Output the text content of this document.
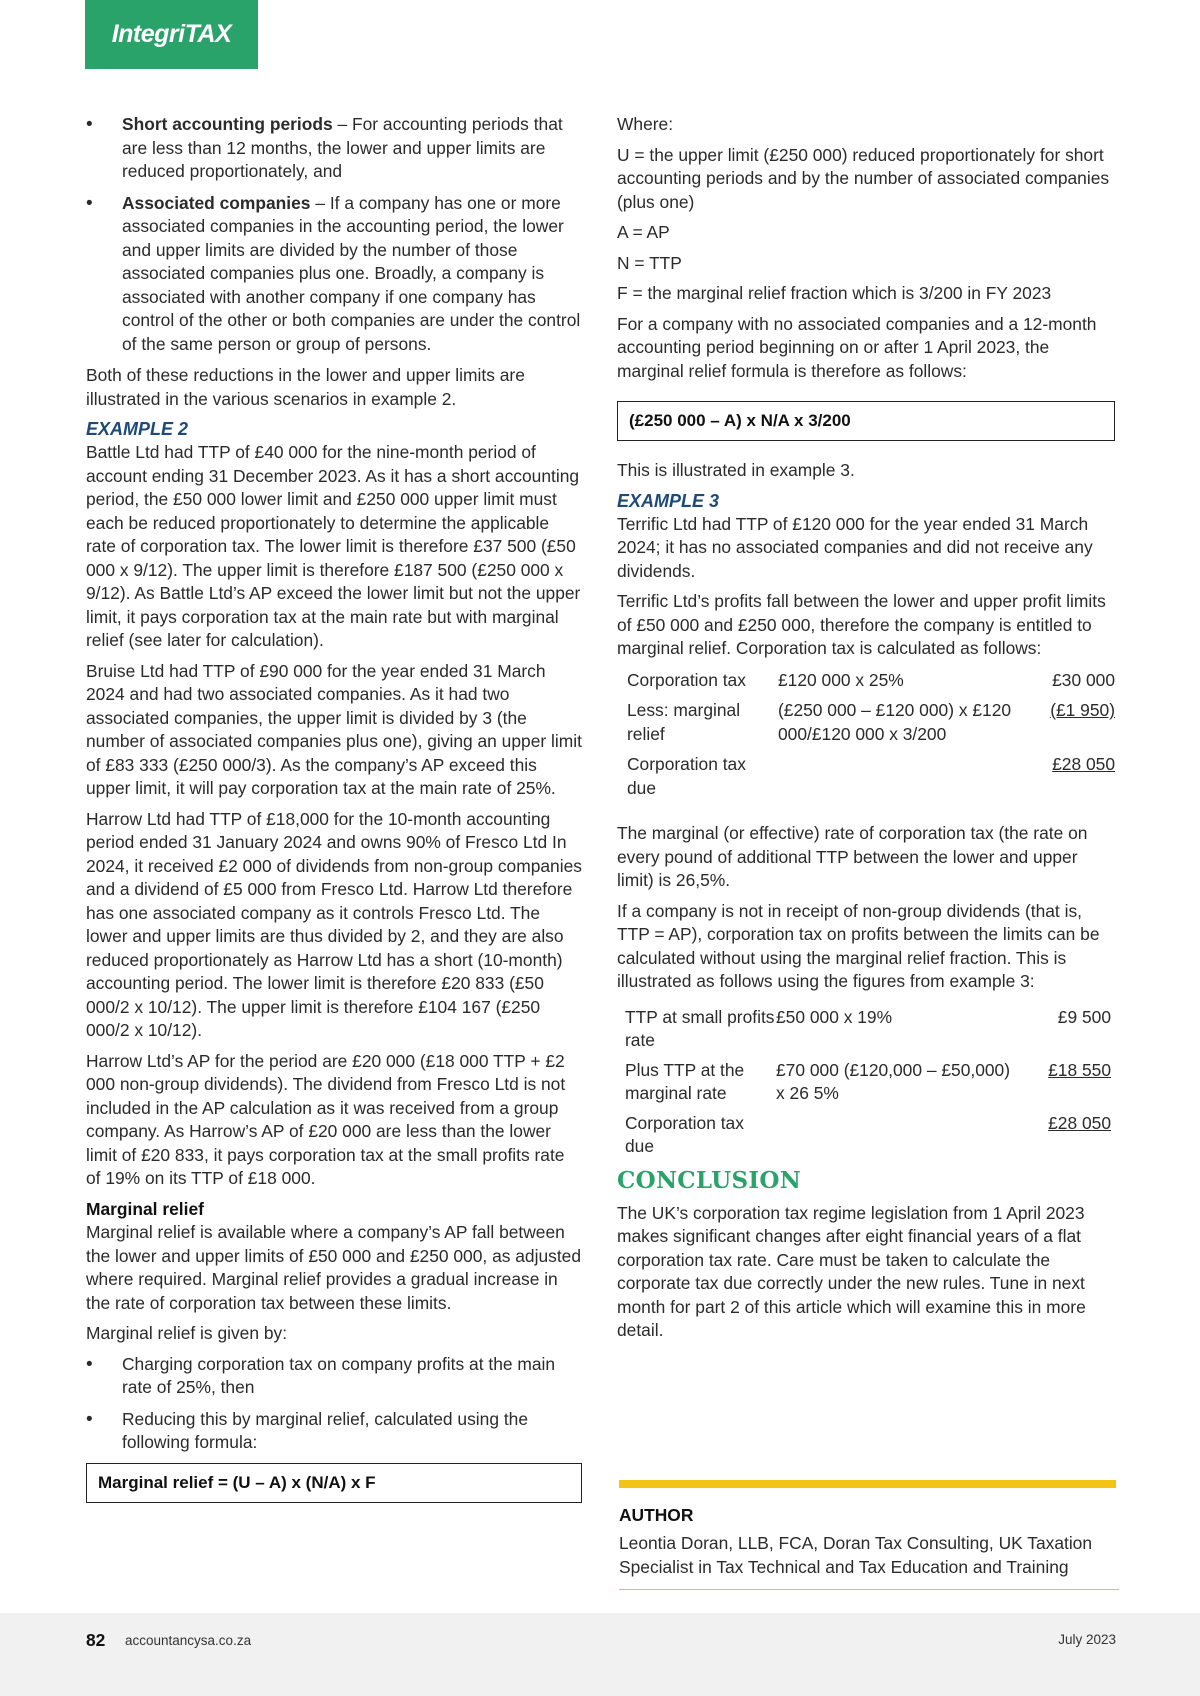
IntegriTAX
• Short accounting periods – For accounting periods that are less than 12 months, the lower and upper limits are reduced proportionately, and
• Associated companies – If a company has one or more associated companies in the accounting period, the lower and upper limits are divided by the number of those associated companies plus one. Broadly, a company is associated with another company if one company has control of the other or both companies are under the control of the same person or group of persons.

Both of these reductions in the lower and upper limits are illustrated in the various scenarios in example 2.

EXAMPLE 2

Battle Ltd had TTP of £40 000 for the nine-month period of account ending 31 December 2023. As it has a short accounting period, the £50 000 lower limit and £250 000 upper limit must each be reduced proportionately to determine the applicable rate of corporation tax. The lower limit is therefore £37 500 (£50 000 x 9/12). The upper limit is therefore £187 500 (£250 000 x 9/12). As Battle Ltd’s AP exceed the lower limit but not the upper limit, it pays corporation tax at the main rate but with marginal relief (see later for calculation).

Bruise Ltd had TTP of £90 000 for the year ended 31 March 2024 and had two associated companies. As it had two associated companies, the upper limit is divided by 3 (the number of associated companies plus one), giving an upper limit of £83 333 (£250 000/3). As the company’s AP exceed this upper limit, it will pay corporation tax at the main rate of 25%.

Harrow Ltd had TTP of £18,000 for the 10-month accounting period ended 31 January 2024 and owns 90% of Fresco Ltd In 2024, it received £2 000 of dividends from non-group companies and a dividend of £5 000 from Fresco Ltd. Harrow Ltd therefore has one associated company as it controls Fresco Ltd. The lower and upper limits are thus divided by 2, and they are also reduced proportionately as Harrow Ltd has a short (10-month) accounting period. The lower limit is therefore £20 833 (£50 000/2 x 10/12). The upper limit is therefore £104 167 (£250 000/2 x 10/12).

Harrow Ltd’s AP for the period are £20 000 (£18 000 TTP + £2 000 non-group dividends). The dividend from Fresco Ltd is not included in the AP calculation as it was received from a group company. As Harrow’s AP of £20 000 are less than the lower limit of £20 833, it pays corporation tax at the small profits rate of 19% on its TTP of £18 000.

Marginal relief

Marginal relief is available where a company’s AP fall between the lower and upper limits of £50 000 and £250 000, as adjusted where required. Marginal relief provides a gradual increase in the rate of corporation tax between these limits.

Marginal relief is given by:

• Charging corporation tax on company profits at the main rate of 25%, then
• Reducing this by marginal relief, calculated using the following formula:
Marginal relief = (U – A) x (N/A) x F

Where:

U = the upper limit (£250 000) reduced proportionately for short accounting periods and by the number of associated companies (plus one)

A = AP

N = TTP

F = the marginal relief fraction which is 3/200 in FY 2023

For a company with no associated companies and a 12-month accounting period beginning on or after 1 April 2023, the marginal relief formula is therefore as follows:

(£250 000 – A) x N/A x 3/200

This is illustrated in example 3.

EXAMPLE 3

Terrific Ltd had TTP of £120 000 for the year ended 31 March 2024; it has no associated companies and did not receive any dividends.

Terrific Ltd’s profits fall between the lower and upper profit limits of £50 000 and £250 000, therefore the company is entitled to marginal relief. Corporation tax is calculated as follows:

Corporation tax	£120 000 x 25%	£30 000
Less: marginal relief	(£250 000 – £120 000) x £120 000/£120 000 x 3/200	(£1 950)
Corporation tax due		£28 050

The marginal (or effective) rate of corporation tax (the rate on every pound of additional TTP between the lower and upper limit) is 26,5%.

If a company is not in receipt of non-group dividends (that is, TTP = AP), corporation tax on profits between the limits can be calculated without using the marginal relief fraction. This is illustrated as follows using the figures from example 3:

TTP at small profits rate	£50 000 x 19%	£9 500
Plus TTP at the marginal rate	£70 000 (£120,000 – £50,000) x 26 5%	£18 550
Corporation tax due		£28 050
CONCLUSION

The UK’s corporation tax regime legislation from 1 April 2023 makes significant changes after eight financial years of a flat corporation tax rate. Care must be taken to calculate the corporate tax due correctly under the new rules. Tune in next month for part 2 of this article which will examine this in more detail.

AUTHOR

Leontia Doran, LLB, FCA, Doran Tax Consulting, UK Taxation Specialist in Tax Technical and Tax Education and Training

82 accountancysa.co.za	July 2023
